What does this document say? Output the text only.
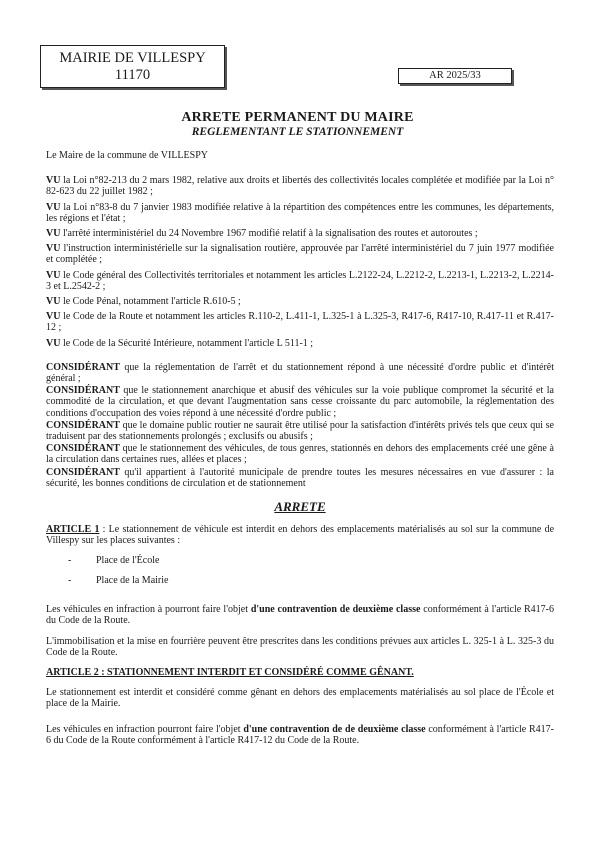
MAIRIE DE VILLESPY
11170	AR 2025/33
ARRETE PERMANENT DU MAIRE
REGLEMENTANT LE STATIONNEMENT

Le Maire de la commune de VILLESPY

VU la Loi n°82-213 du 2 mars 1982, relative aux droits et libertés des collectivités locales complétée et modifiée par la Loi n° 82-623 du 22 juillet 1982 ;

VU la Loi n°83-8 du 7 janvier 1983 modifiée relative à la répartition des compétences entre les communes, les départements, les régions et l'état ;

VU l'arrêté interministériel du 24 Novembre 1967 modifié relatif à la signalisation des routes et autoroutes ;

VU l'instruction interministérielle sur la signalisation routière, approuvée par l'arrêté interministériel du 7 juin 1977 modifiée et complétée ;

VU le Code général des Collectivités territoriales et notamment les articles L.2122-24, L.2212-2, L.2213-1, L.2213-2, L.2214-3 et L.2542-2 ;

VU le Code Pénal, notamment l'article R.610-5 ;

VU le Code de la Route et notamment les articles R.110-2, L.411-1, L.325-1 à L.325-3, R417-6, R417-10, R.417-11 et R.417-12 ;

VU le Code de la Sécurité Intérieure, notamment l'article L 511-1 ;

CONSIDÉRANT que la réglementation de l'arrêt et du stationnement répond à une nécessité d'ordre public et d'intérêt général ;

CONSIDÉRANT que le stationnement anarchique et abusif des véhicules sur la voie publique compromet la sécurité et la commodité de la circulation, et que devant l'augmentation sans cesse croissante du parc automobile, la réglementation des conditions d'occupation des voies répond à une nécessité d'ordre public ;

CONSIDÉRANT que le domaine public routier ne saurait être utilisé pour la satisfaction d'intérêts privés tels que ceux qui se traduisent par des stationnements prolongés ; exclusifs ou abusifs ;

CONSIDÉRANT que le stationnement des véhicules, de tous genres, stationnés en dehors des emplacements créé une gêne à la circulation dans certaines rues, allées et places ;

CONSIDÉRANT qu'il appartient à l'autorité municipale de prendre toutes les mesures nécessaires en vue d'assurer : la sécurité, les bonnes conditions de circulation et de stationnement

ARRETE

ARTICLE 1 : Le stationnement de véhicule est interdit en dehors des emplacements matérialisés au sol sur la commune de Villespy sur les places suivantes :

- Place de l'École
- Place de la Mairie

Les véhicules en infraction à pourront faire l'objet d'une contravention de deuxième classe conformément à l'article R417-6 du Code de la Route.

L'immobilisation et la mise en fourrière peuvent être prescrites dans les conditions prévues aux articles L. 325-1 à L. 325-3 du Code de la Route.

ARTICLE 2 : STATIONNEMENT INTERDIT ET CONSIDÉRÉ COMME GÊNANT.

Le stationnement est interdit et considéré comme gênant en dehors des emplacements matérialisés au sol place de l'École et place de la Mairie.

Les véhicules en infraction pourront faire l'objet d'une contravention de de deuxième classe conformément à l'article R417-6 du Code de la Route conformément à l'article R417-12 du Code de la Route.
